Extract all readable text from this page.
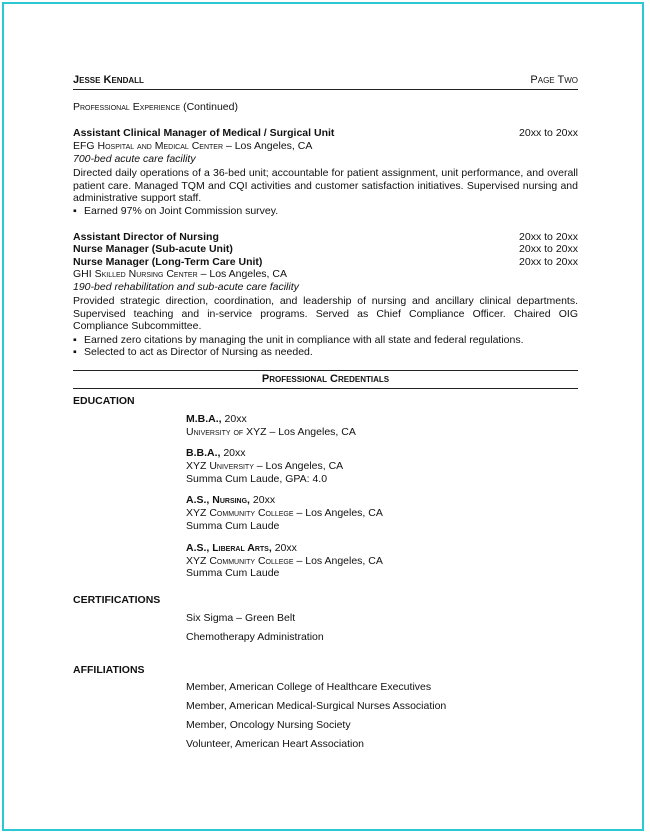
Jesse Kendall	Page Two
Professional Experience (Continued)
Assistant Clinical Manager of Medical / Surgical Unit	20xx to 20xx
EFG Hospital and Medical Center – Los Angeles, CA
700-bed acute care facility
Directed daily operations of a 36-bed unit; accountable for patient assignment, unit performance, and overall patient care. Managed TQM and CQI activities and customer satisfaction initiatives. Supervised nursing and administrative support staff.
▪ Earned 97% on Joint Commission survey.
Assistant Director of Nursing	20xx to 20xx
Nurse Manager (Sub-acute Unit)	20xx to 20xx
Nurse Manager (Long-Term Care Unit)	20xx to 20xx
GHI Skilled Nursing Center – Los Angeles, CA
190-bed rehabilitation and sub-acute care facility
Provided strategic direction, coordination, and leadership of nursing and ancillary clinical departments. Supervised teaching and in-service programs. Served as Chief Compliance Officer. Chaired OIG Compliance Subcommittee.
▪ Earned zero citations by managing the unit in compliance with all state and federal regulations.
▪ Selected to act as Director of Nursing as needed.
Professional Credentials
EDUCATION
M.B.A., 20xx
University of XYZ – Los Angeles, CA
B.B.A., 20xx
XYZ University – Los Angeles, CA
Summa Cum Laude, GPA: 4.0
A.S., Nursing, 20xx
XYZ Community College – Los Angeles, CA
Summa Cum Laude
A.S., Liberal Arts, 20xx
XYZ Community College – Los Angeles, CA
Summa Cum Laude
CERTIFICATIONS
Six Sigma – Green Belt
Chemotherapy Administration
AFFILIATIONS
Member, American College of Healthcare Executives
Member, American Medical-Surgical Nurses Association
Member, Oncology Nursing Society
Volunteer, American Heart Association
